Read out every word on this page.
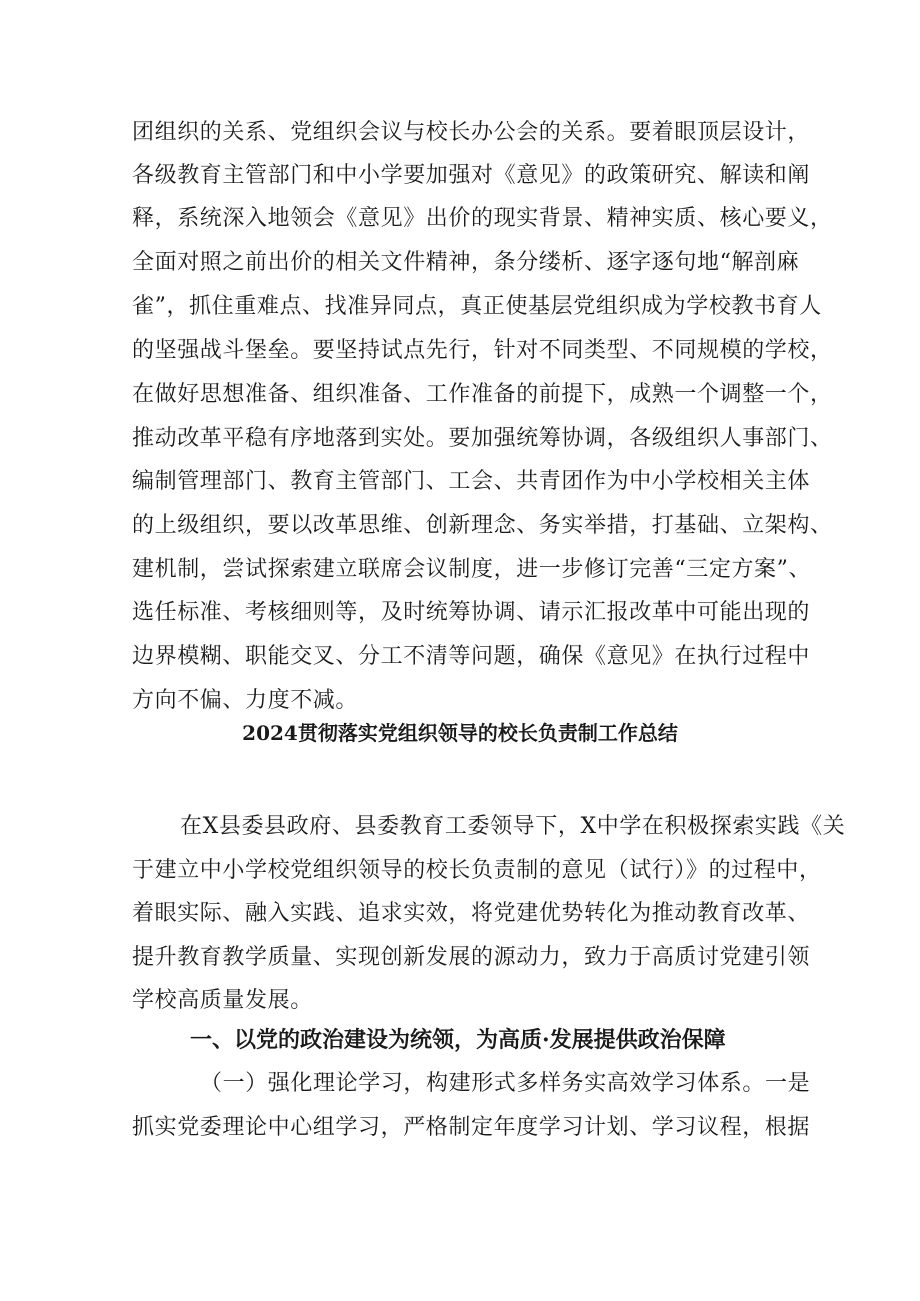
团组织的关系、党组织会议与校长办公会的关系。要着眼顶层设计，
各级教育主管部门和中小学要加强对《意见》的政策研究、解读和阐
释，系统深入地领会《意见》出价的现实背景、精神实质、核心要义，
全面对照之前出价的相关文件精神，条分缕析、逐字逐句地“解剖麻
雀”，抓住重难点、找准异同点，真正使基层党组织成为学校教书育人
的坚强战斗堡垒。要坚持试点先行，针对不同类型、不同规模的学校，
在做好思想准备、组织准备、工作准备的前提下，成熟一个调整一个，
推动改革平稳有序地落到实处。要加强统筹协调，各级组织人事部门、
编制管理部门、教育主管部门、工会、共青团作为中小学校相关主体
的上级组织，要以改革思维、创新理念、务实举措，打基础、立架构、
建机制，尝试探索建立联席会议制度，进一步修订完善“三定方案”、
选任标准、考核细则等，及时统筹协调、请示汇报改革中可能出现的
边界模糊、职能交叉、分工不清等问题，确保《意见》在执行过程中
方向不偏、力度不减。
2024贯彻落实党组织领导的校长负责制工作总结
在X县委县政府、县委教育工委领导下，X中学在积极探索实践《关
于建立中小学校党组织领导的校长负责制的意见（试行）》的过程中，
着眼实际、融入实践、追求实效，将党建优势转化为推动教育改革、
提升教育教学质量、实现创新发展的源动力，致力于高质讨党建引领
学校高质量发展。
一、以党的政治建设为统领，为高质·发展提供政治保障
（一）强化理论学习，构建形式多样务实高效学习体系。一是
抓实党委理论中心组学习，严格制定年度学习计划、学习议程，根据
